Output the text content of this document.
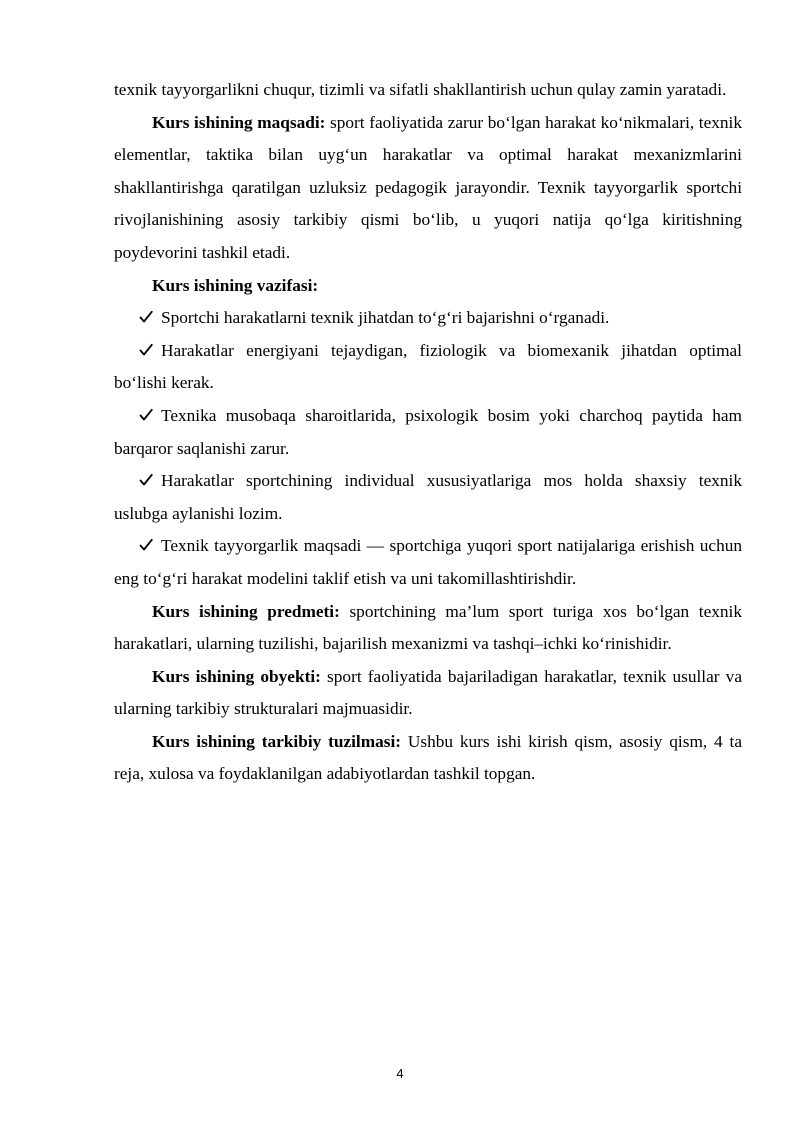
texnik tayyorgarlikni chuqur, tizimli va sifatli shakllantirish uchun qulay zamin yaratadi.

Kurs ishining maqsadi: sport faoliyatida zarur bo‘lgan harakat ko‘nikmalari, texnik elementlar, taktika bilan uyg‘un harakatlar va optimal harakat mexanizmlarini shakllantirishga qaratilgan uzluksiz pedagogik jarayondir. Texnik tayyorgarlik sportchi rivojlanishining asosiy tarkibiy qismi bo‘lib, u yuqori natija qo‘lga kiritishning poydevorini tashkil etadi.

Kurs ishining vazifasi:

Sportchi harakatlarni texnik jihatdan to‘g‘ri bajarishni o‘rganadi.

Harakatlar energiyani tejaydigan, fiziologik va biomexanik jihatdan optimal bo‘lishi kerak.

Texnika musobaqa sharoitlarida, psixologik bosim yoki charchoq paytida ham barqaror saqlanishi zarur.

Harakatlar sportchining individual xususiyatlariga mos holda shaxsiy texnik uslubga aylanishi lozim.

Texnik tayyorgarlik maqsadi — sportchiga yuqori sport natijalariga erishish uchun eng to‘g‘ri harakat modelini taklif etish va uni takomillashtirishdir.

Kurs ishining predmeti: sportchining ma’lum sport turiga xos bo‘lgan texnik harakatlari, ularning tuzilishi, bajarilish mexanizmi va tashqi–ichki ko‘rinishidir.

Kurs ishining obyekti: sport faoliyatida bajariladigan harakatlar, texnik usullar va ularning tarkibiy strukturalari majmuasidir.

Kurs ishining tarkibiy tuzilmasi: Ushbu kurs ishi kirish qism, asosiy qism, 4 ta reja, xulosa va foydaklanilgan adabiyotlardan tashkil topgan.

4
